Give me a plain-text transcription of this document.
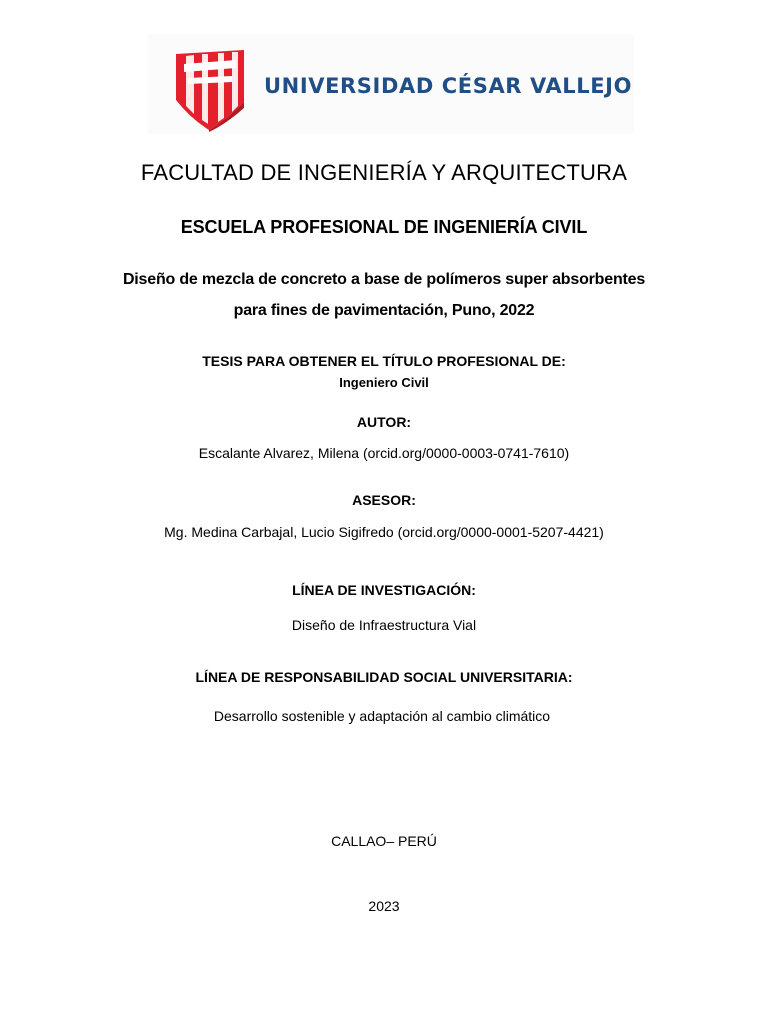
UNIVERSIDAD CÉSAR VALLEJO
FACULTAD DE INGENIERÍA Y ARQUITECTURA
ESCUELA PROFESIONAL DE INGENIERÍA CIVIL
Diseño de mezcla de concreto a base de polímeros super absorbentes
para fines de pavimentación, Puno, 2022
TESIS PARA OBTENER EL TÍTULO PROFESIONAL DE:
Ingeniero Civil
AUTOR:
Escalante Alvarez, Milena (orcid.org/0000-0003-0741-7610)
ASESOR:
Mg. Medina Carbajal, Lucio Sigifredo (orcid.org/0000-0001-5207-4421)
LÍNEA DE INVESTIGACIÓN:
Diseño de Infraestructura Vial
LÍNEA DE RESPONSABILIDAD SOCIAL UNIVERSITARIA:
Desarrollo sostenible y adaptación al cambio climático
CALLAO– PERÚ
2023
